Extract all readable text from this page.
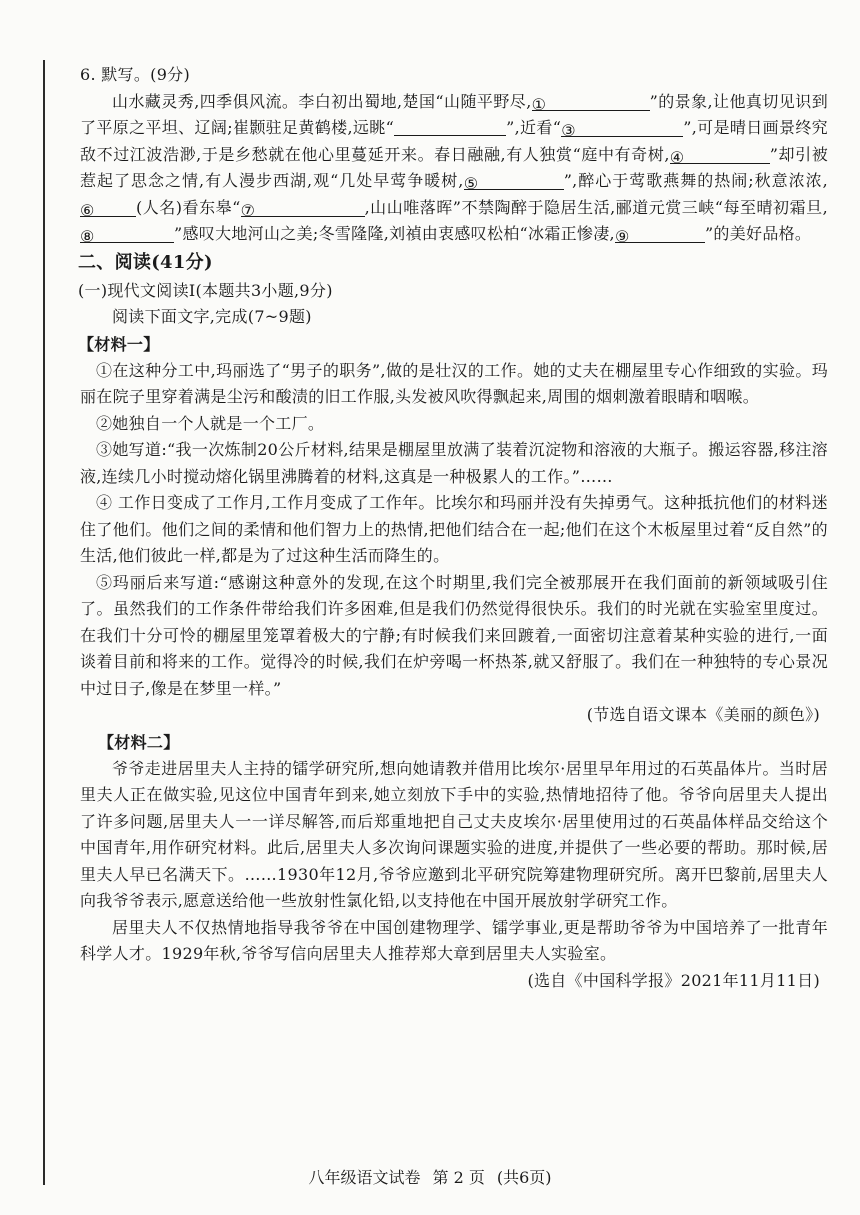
6. 默写。(9分)

山水藏灵秀,四季俱风流。李白初出蜀地,楚国“山随平野尽,①	”的景象,让他真切见识到了平原之平坦、辽阔;崔颢驻足黄鹤楼,远眺“	”,近看“③	”,可是晴日画景终究敌不过江波浩渺,于是乡愁就在他心里蔓延开来。春日融融,有人独赏“庭中有奇树,④	”却引被惹起了思念之情,有人漫步西湖,观“几处早莺争暖树,⑤	”,醉心于莺歌燕舞的热闹;秋意浓浓,⑥	(人名)看东皋“⑦	,山山唯落晖”不禁陶醉于隐居生活,郦道元赏三峡“每至晴初霜旦,⑧	”感叹大地河山之美;冬雪隆隆,刘禎由衷感叹松柏“冰霜正惨凄,⑨	”的美好品格。

二、阅读(41分)

(一)现代文阅读Ⅰ(本题共3小题,9分)

阅读下面文字,完成(7~9题)

【材料一】

①在这种分工中,玛丽选了“男子的职务”,做的是壮汉的工作。她的丈夫在棚屋里专心作细致的实验。玛丽在院子里穿着满是尘污和酸渍的旧工作服,头发被风吹得飘起来,周围的烟刺激着眼睛和咽喉。

②她独自一个人就是一个工厂。

③她写道:“我一次炼制20公斤材料,结果是棚屋里放满了装着沉淀物和溶液的大瓶子。搬运容器,移注溶液,连续几小时搅动熔化锅里沸腾着的材料,这真是一种极累人的工作。”……

④ 工作日变成了工作月,工作月变成了工作年。比埃尔和玛丽并没有失掉勇气。这种抵抗他们的材料迷住了他们。他们之间的柔情和他们智力上的热情,把他们结合在一起;他们在这个木板屋里过着“反自然”的生活,他们彼此一样,都是为了过这种生活而降生的。

⑤玛丽后来写道:“感谢这种意外的发现,在这个时期里,我们完全被那展开在我们面前的新领域吸引住了。虽然我们的工作条件带给我们许多困难,但是我们仍然觉得很快乐。我们的时光就在实验室里度过。在我们十分可怜的棚屋里笼罩着极大的宁静;有时候我们来回踱着,一面密切注意着某种实验的进行,一面谈着目前和将来的工作。觉得冷的时候,我们在炉旁喝一杯热茶,就又舒服了。我们在一种独特的专心景况中过日子,像是在梦里一样。”

(节选自语文课本《美丽的颜色》)

【材料二】

爷爷走进居里夫人主持的镭学研究所,想向她请教并借用比埃尔·居里早年用过的石英晶体片。当时居里夫人正在做实验,见这位中国青年到来,她立刻放下手中的实验,热情地招待了他。爷爷向居里夫人提出了许多问题,居里夫人一一详尽解答,而后郑重地把自己丈夫皮埃尔·居里使用过的石英晶体样品交给这个中国青年,用作研究材料。此后,居里夫人多次询问课题实验的进度,并提供了一些必要的帮助。那时候,居里夫人早已名满天下。……1930年12月,爷爷应邀到北平研究院筹建物理研究所。离开巴黎前,居里夫人向我爷爷表示,愿意送给他一些放射性氯化铅,以支持他在中国开展放射学研究工作。

居里夫人不仅热情地指导我爷爷在中国创建物理学、镭学事业,更是帮助爷爷为中国培养了一批青年科学人才。1929年秋,爷爷写信向居里夫人推荐郑大章到居里夫人实验室。

(选自《中国科学报》2021年11月11日)

八年级语文试卷 第 2 页 (共6页)
